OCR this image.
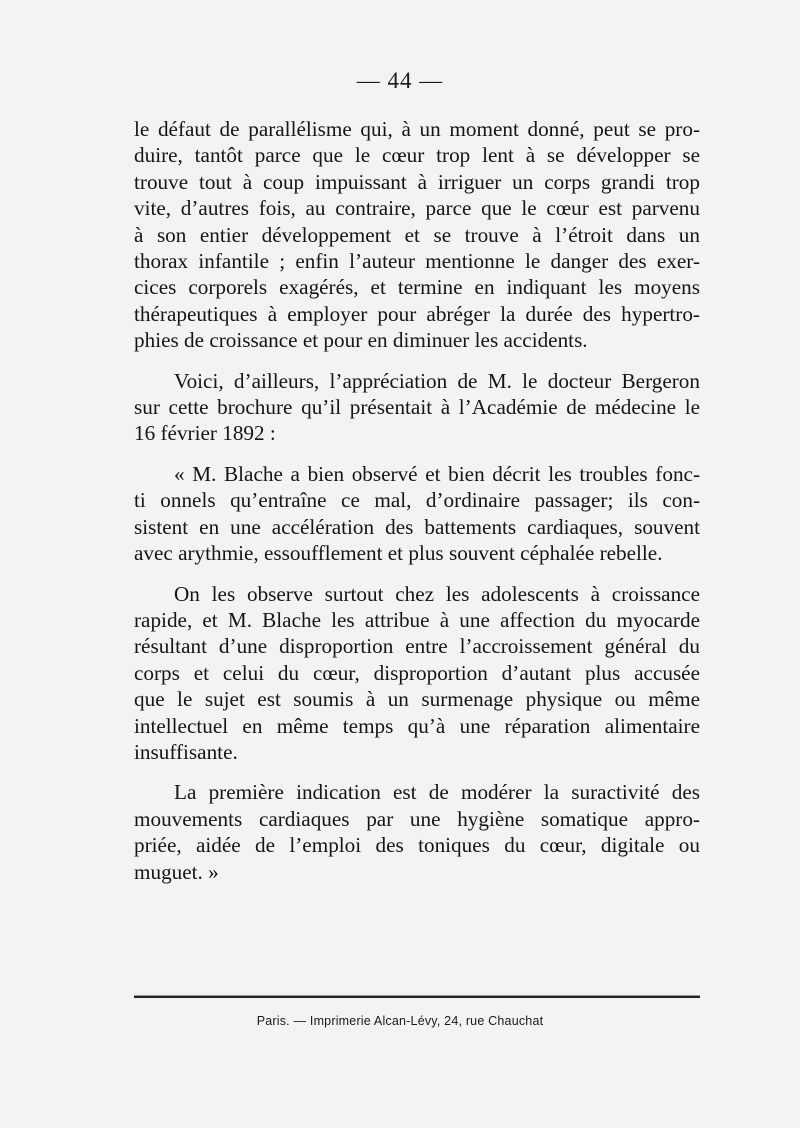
— 44 —
le défaut de parallélisme qui, à un moment donné, peut se pro-
duire, tantôt parce que le cœur trop lent à se développer se
trouve tout à coup impuissant à irriguer un corps grandi trop
vite, d’autres fois, au contraire, parce que le cœur est parvenu
à son entier développement et se trouve à l’étroit dans un
thorax infantile ; enfin l’auteur mentionne le danger des exer-
cices corporels exagérés, et termine en indiquant les moyens
thérapeutiques à employer pour abréger la durée des hypertro-
phies de croissance et pour en diminuer les accidents.
Voici, d’ailleurs, l’appréciation de M. le docteur Bergeron
sur cette brochure qu’il présentait à l’Académie de médecine le
16 février 1892 :
« M. Blache a bien observé et bien décrit les troubles fonc-
ti onnels qu’entraîne ce mal, d’ordinaire passager; ils con-
sistent en une accélération des battements cardiaques, souvent
avec arythmie, essoufflement et plus souvent céphalée rebelle.
On les observe surtout chez les adolescents à croissance
rapide, et M. Blache les attribue à une affection du myocarde
résultant d’une disproportion entre l’accroissement général du
corps et celui du cœur, disproportion d’autant plus accusée
que le sujet est soumis à un surmenage physique ou même
intellectuel en même temps qu’à une réparation alimentaire
insuffisante.
La première indication est de modérer la suractivité des
mouvements cardiaques par une hygiène somatique appro-
priée, aidée de l’emploi des toniques du cœur, digitale ou
muguet. »
Paris. — Imprimerie Alcan-Lévy, 24, rue Chauchat
